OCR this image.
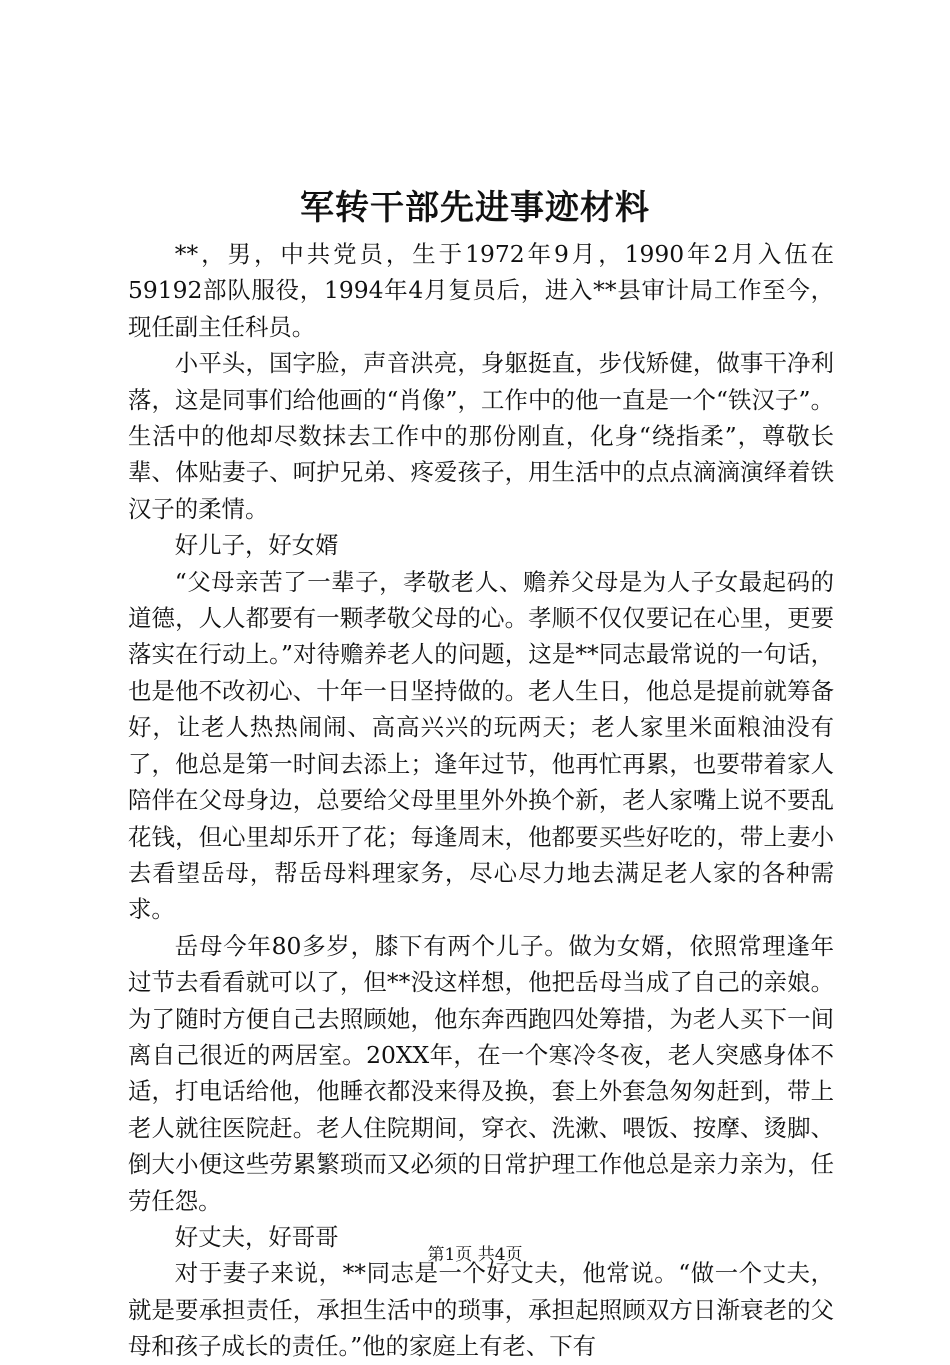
军转干部先进事迹材料

**，男，中共党员，生于1972年9月，1990年2月入伍在59192部队服役，1994年4月复员后，进入**县审计局工作至今，现任副主任科员。

小平头，国字脸，声音洪亮，身躯挺直，步伐矫健，做事干净利落，这是同事们给他画的“肖像”，工作中的他一直是一个“铁汉子”。生活中的他却尽数抹去工作中的那份刚直，化身“绕指柔”，尊敬长辈、体贴妻子、呵护兄弟、疼爱孩子，用生活中的点点滴滴演绎着铁汉子的柔情。

好儿子，好女婿

“父母亲苦了一辈子，孝敬老人、赡养父母是为人子女最起码的道德，人人都要有一颗孝敬父母的心。孝顺不仅仅要记在心里，更要落实在行动上。”对待赡养老人的问题，这是**同志最常说的一句话，也是他不改初心、十年一日坚持做的。老人生日，他总是提前就筹备好，让老人热热闹闹、高高兴兴的玩两天；老人家里米面粮油没有了，他总是第一时间去添上；逢年过节，他再忙再累，也要带着家人陪伴在父母身边，总要给父母里里外外换个新，老人家嘴上说不要乱花钱，但心里却乐开了花；每逢周末，他都要买些好吃的，带上妻小去看望岳母，帮岳母料理家务，尽心尽力地去满足老人家的各种需求。

岳母今年80多岁，膝下有两个儿子。做为女婿，依照常理逢年过节去看看就可以了，但**没这样想，他把岳母当成了自己的亲娘。为了随时方便自己去照顾她，他东奔西跑四处筹措，为老人买下一间离自己很近的两居室。20XX年，在一个寒冷冬夜，老人突感身体不适，打电话给他，他睡衣都没来得及换，套上外套急匆匆赶到，带上老人就往医院赶。老人住院期间，穿衣、洗漱、喂饭、按摩、烫脚、倒大小便这些劳累繁琐而又必须的日常护理工作他总是亲力亲为，任劳任怨。

好丈夫，好哥哥

对于妻子来说，**同志是一个好丈夫，他常说。“做一个丈夫，就是要承担责任，承担生活中的琐事，承担起照顾双方日渐衰老的父母和孩子成长的责任。”他的家庭上有老、下有

第1页 共4页
